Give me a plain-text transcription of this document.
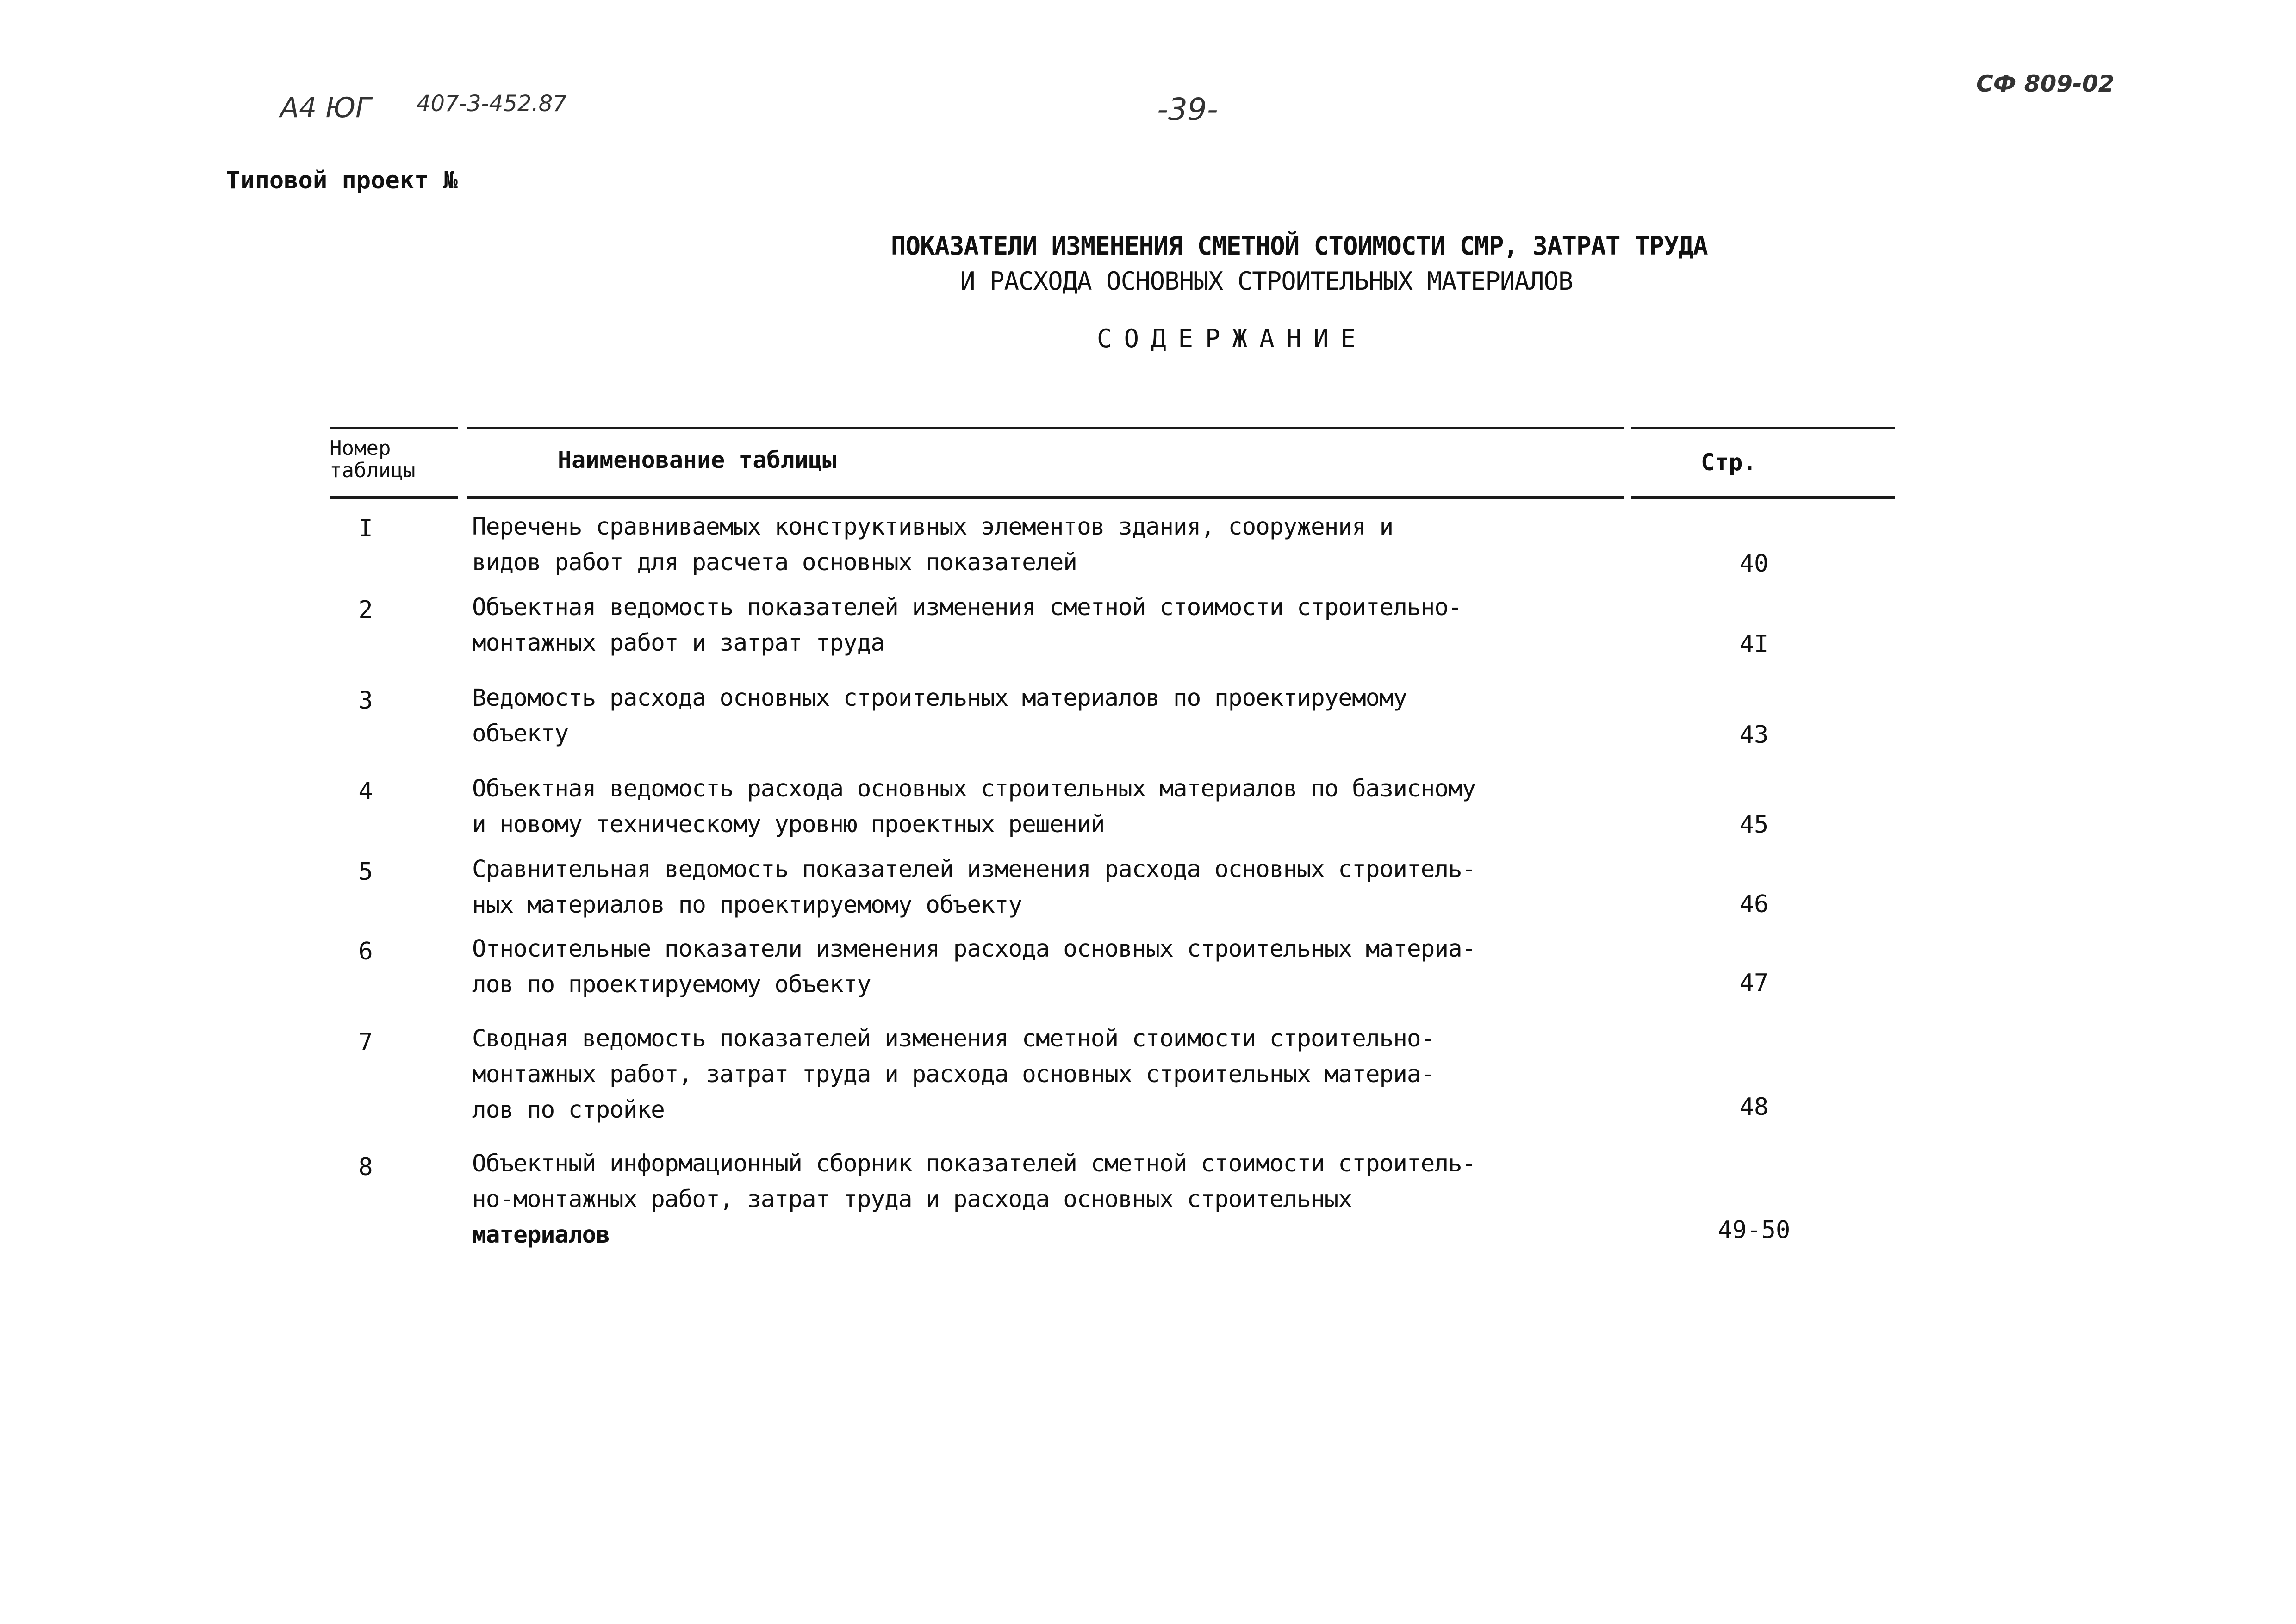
А4 ЮГ 407-3-452.87	-39-
СФ 809-02
Типовой проект №
ПОКАЗАТЕЛИ ИЗМЕНЕНИЯ СМЕТНОЙ СТОИМОСТИ СМР, ЗАТРАТ ТРУДА
И РАСХОДА ОСНОВНЫХ СТРОИТЕЛЬНЫХ МАТЕРИАЛОВ
СОДЕРЖАНИЕ
Номер
таблицы	Наименование таблицы	Стр.
I	Перечень сравниваемых конструктивных элементов здания, сооружения и
видов работ для расчета основных показателей	40
2	Объектная ведомость показателей изменения сметной стоимости строительно-
монтажных работ и затрат труда	4I
3	Ведомость расхода основных строительных материалов по проектируемому
объекту	43
4	Объектная ведомость расхода основных строительных материалов по базисному
и новому техническому уровню проектных решений	45
5	Сравнительная ведомость показателей изменения расхода основных строитель-
ных материалов по проектируемому объекту	46
6	Относительные показатели изменения расхода основных строительных материа-
лов по проектируемому объекту	47
7	Сводная ведомость показателей изменения сметной стоимости строительно-
монтажных работ, затрат труда и расхода основных строительных материа-
лов по стройке	48
8	Объектный информационный сборник показателей сметной стоимости строитель-
но-монтажных работ, затрат труда и расхода основных строительных
материалов	49-50
